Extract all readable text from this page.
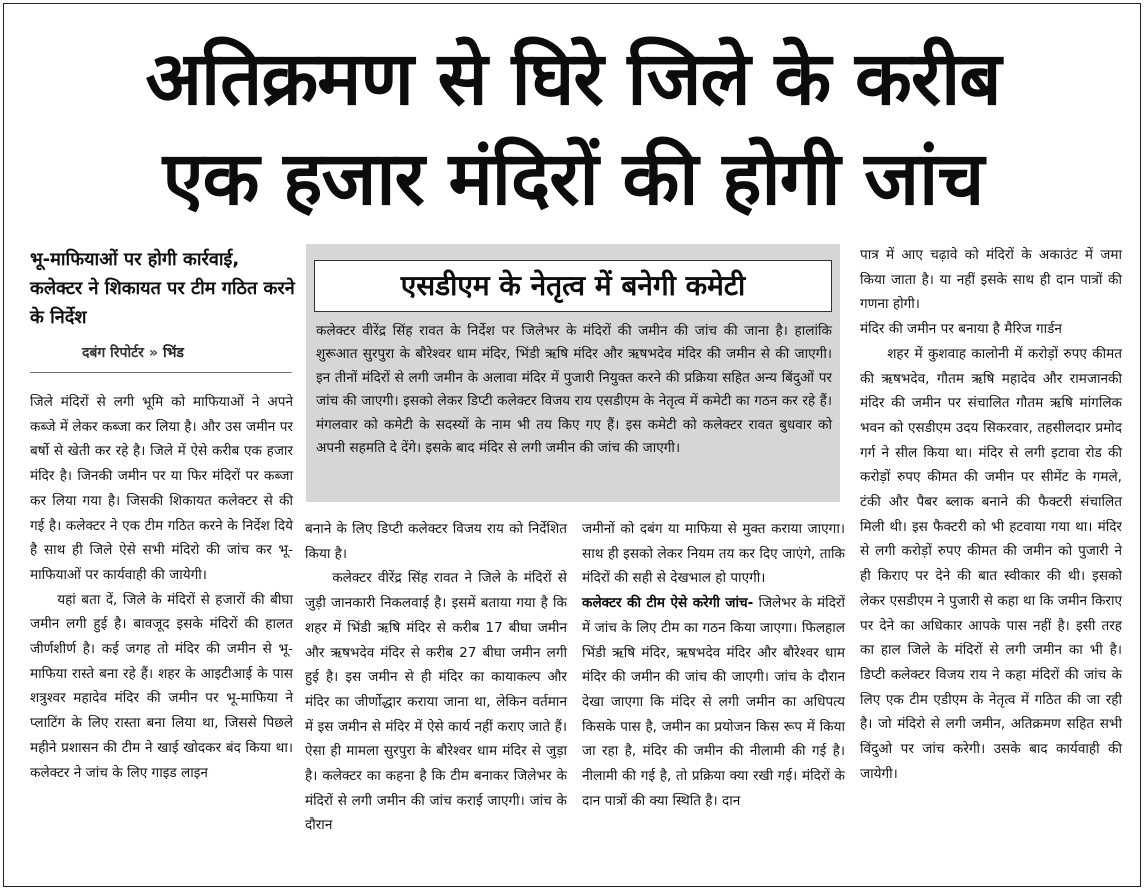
अतिक्रमण से घिरे जिले के करीब
एक हजार मंदिरों की होगी जांच
भू-माफियाओं पर होगी कार्रवाई, कलेक्टर ने शिकायत पर टीम गठित करने के निर्देश
दबंग रिपोर्टर » भिंड

जिले मंदिरों से लगी भूमि को माफियाओं ने अपने कब्जे में लेकर कब्जा कर लिया है। और उस जमीन पर बर्षो से खेती कर रहे है। जिले में ऐसे करीब एक हजार मंदिर है। जिनकी जमीन पर या फिर मंदिरों पर कब्जा कर लिया गया है। जिसकी शिकायत कलेक्टर से की गई है। कलेक्टर ने एक टीम गठित करने के निर्देश दिये है साथ ही जिले ऐसे सभी मंदिरो की जांच कर भू-माफियाओं पर कार्यवाही की जायेगी।

यहां बता दें, जिले के मंदिरों से हजारों की बीघा जमीन लगी हुई है। बावजूद इसके मंदिरों की हालत जीर्णशीर्ण है। कई जगह तो मंदिर की जमीन से भू-माफिया रास्ते बना रहे हैं। शहर के आइटीआई के पास शत्रुश्वर महादेव मंदिर की जमीन पर भू-माफिया ने प्लाटिंग के लिए रास्ता बना लिया था, जिससे पिछले महीने प्रशासन की टीम ने खाई खोदकर बंद किया था। कलेक्टर ने जांच के लिए गाइड लाइन

एसडीएम के नेतृत्व में बनेगी कमेटी

कलेक्टर वीरेंद्र सिंह रावत के निर्देश पर जिलेभर के मंदिरों की जमीन की जांच की जाना है। हालांकि शुरूआत सुरपुरा के बौरेश्वर धाम मंदिर, भिंडी ऋषि मंदिर और ऋषभदेव मंदिर की जमीन से की जाएगी। इन तीनों मंदिरों से लगी जमीन के अलावा मंदिर में पुजारी नियुक्त करने की प्रक्रिया सहित अन्य बिंदुओं पर जांच की जाएगी। इसको लेकर डिप्टी कलेक्टर विजय राय एसडीएम के नेतृत्व में कमेटी का गठन कर रहे हैं।मंगलवार को कमेटी के सदस्यों के नाम भी तय किए गए हैं। इस कमेटी को कलेक्टर रावत बुधवार को अपनी सहमति दे देंगे। इसके बाद मंदिर से लगी जमीन की जांच की जाएगी।

बनाने के लिए डिप्टी कलेक्टर विजय राय को निर्देशित किया है।

कलेक्टर वीरेंद्र सिंह रावत ने जिले के मंदिरों से जुड़ी जानकारी निकलवाई है। इसमें बताया गया है कि शहर में भिंडी ऋषि मंदिर से करीब 17 बीघा जमीन और ऋषभदेव मंदिर से करीब 27 बीघा जमीन लगी हुई है। इस जमीन से ही मंदिर का कायाकल्प और मंदिर का जीर्णाेद्धार कराया जाना था, लेकिन वर्तमान में इस जमीन से मंदिर में ऐसे कार्य नहीं कराए जाते हैं। ऐसा ही मामला सुरपुरा के बौरेश्वर धाम मंदिर से जुड़ा है। कलेक्टर का कहना है कि टीम बनाकर जिलेभर के मंदिरों से लगी जमीन की जांच कराई जाएगी। जांच के दौरान

जमीनों को दबंग या माफिया से मुक्त कराया जाएगा। साथ ही इसको लेकर नियम तय कर दिए जाएंगे, ताकि मंदिरों की सही से देखभाल हो पाएगी।

कलेक्टर की टीम ऐसे करेगी जांच- जिलेभर के मंदिरों में जांच के लिए टीम का गठन किया जाएगा। फिलहाल भिंडी ऋषि मंदिर, ऋषभदेव मंदिर और बौरेश्वर धाम मंदिर की जमीन की जांच की जाएगी। जांच के दौरान देखा जाएगा कि मंदिर से लगी जमीन का अधिपत्य किसके पास है, जमीन का प्रयोजन किस रूप में किया जा रहा है, मंदिर की जमीन की नीलामी की गई है। नीलामी की गई है, तो प्रक्रिया क्या रखी गई। मंदिरों के दान पात्रों की क्या स्थिति है। दान

पात्र में आए चढ़ावे को मंदिरों के अकाउंट में जमा किया जाता है। या नहीं इसके साथ ही दान पात्रों की गणना होगी।

मंदिर की जमीन पर बनाया है मैरिज गार्डन

शहर में कुशवाह कालोनी में करोड़ों रुपए कीमत की ऋषभदेव, गौतम ऋषि महादेव और रामजानकी मंदिर की जमीन पर संचालित गौतम ऋषि मांगलिक भवन को एसडीएम उदय सिकरवार, तहसीलदार प्रमोद गर्ग ने सील किया था। मंदिर से लगी इटावा रोड की करोड़ों रुपए कीमत की जमीन पर सीमेंट के गमले, टंकी और पैबर ब्लाक बनाने की फैक्टरी संचालित मिली थी। इस फैक्टरी को भी हटवाया गया था। मंदिर से लगी करोड़ों रुपए कीमत की जमीन को पुजारी ने ही किराए पर देने की बात स्वीकार की थी। इसको लेकर एसडीएम ने पुजारी से कहा था कि जमीन किराए पर देने का अधिकार आपके पास नहीं है। इसी तरह का हाल जिले के मंदिरों से लगी जमीन का भी है। डिप्टी कलेक्टर विजय राय ने कहा मंदिरों की जांच के लिए एक टीम एडीएम के नेतृत्व में गठित की जा रही है। जो मंदिरो से लगी जमीन, अतिक्रमण सहित सभी विंदुओ पर जांच करेगी। उसके बाद कार्यवाही की जायेगी।
